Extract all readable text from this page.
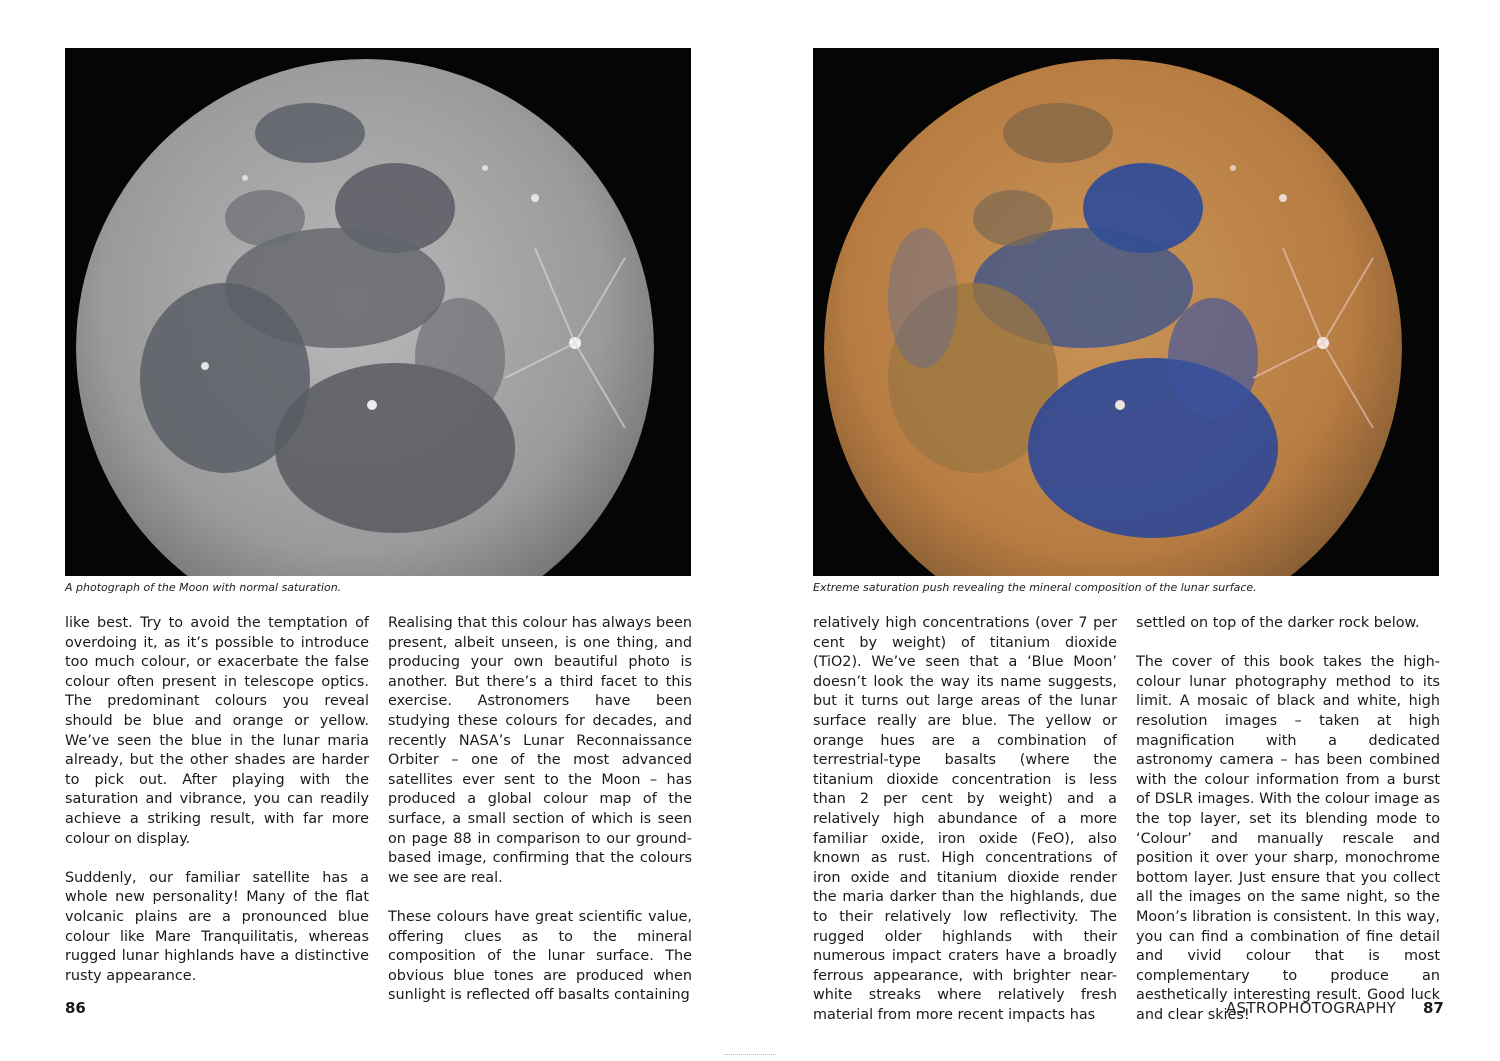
A photograph of the Moon with normal saturation.

like best. Try to avoid the temptation of overdoing it, as it’s possible to introduce too much colour, or exacerbate the false colour often present in telescope optics. The predominant colours you reveal should be blue and orange or yellow. We’ve seen the blue in the lunar maria already, but the other shades are harder to pick out. After playing with the saturation and vibrance, you can readily achieve a striking result, with far more colour on display.

Suddenly, our familiar satellite has a whole new personality! Many of the flat volcanic plains are a pronounced blue colour like Mare Tranquilitatis, whereas rugged lunar highlands have a distinctive rusty appearance.

Realising that this colour has always been present, albeit unseen, is one thing, and producing your own beautiful photo is another. But there’s a third facet to this exercise. Astronomers have been studying these colours for decades, and recently NASA’s Lunar Reconnaissance Orbiter – one of the most advanced satellites ever sent to the Moon – has produced a global colour map of the surface, a small section of which is seen on page 88 in comparison to our ground-based image, confirming that the colours we see are real.

These colours have great scientific value, offering clues as to the mineral composition of the lunar surface. The obvious blue tones are produced when sunlight is reflected off basalts containing

86
Extreme saturation push revealing the mineral composition of the lunar surface.

relatively high concentrations (over 7 per cent by weight) of titanium dioxide (TiO2). We’ve seen that a ‘Blue Moon’ doesn’t look the way its name suggests, but it turns out large areas of the lunar surface really are blue. The yellow or orange hues are a combination of terrestrial-type basalts (where the titanium dioxide concentration is less than 2 per cent by weight) and a relatively high abundance of a more familiar oxide, iron oxide (FeO), also known as rust. High concentrations of iron oxide and titanium dioxide render the maria darker than the highlands, due to their relatively low reflectivity. The rugged older highlands with their numerous impact craters have a broadly ferrous appearance, with brighter near-white streaks where relatively fresh material from more recent impacts has

settled on top of the darker rock below.

The cover of this book takes the high-colour lunar photography method to its limit. A mosaic of black and white, high resolution images – taken at high magnification with a dedicated astronomy camera – has been combined with the colour information from a burst of DSLR images. With the colour image as the top layer, set its blending mode to ‘Colour’ and manually rescale and position it over your sharp, monochrome bottom layer. Just ensure that you collect all the images on the same night, so the Moon’s libration is consistent. In this way, you can find a combination of fine detail and vivid colour that is most complementary to produce an aesthetically interesting result. Good luck and clear skies!

ASTROPHOTOGRAPHY 87
